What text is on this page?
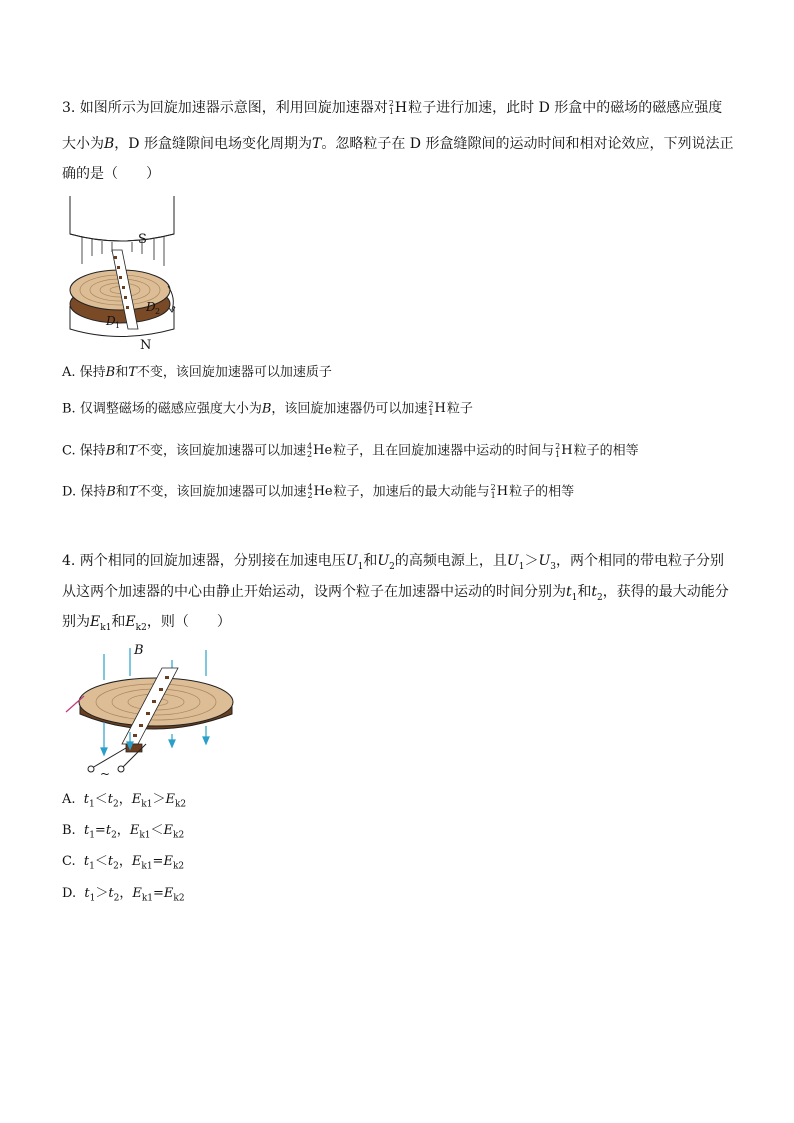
3. 如图所示为回旋加速器示意图，利用回旋加速器对 2
1 H 粒子进行加速，此时 D 形盒中的磁场的磁感应强度
大小为B，D 形盒缝隙间电场变化周期为T。忽略粒子在 D 形盒缝隙间的运动时间和相对论效应，下列说法正
确的是（　　）
S
N
D 1
D 2
A. 保持B和T不变，该回旋加速器可以加速质子
B. 仅调整磁场的磁感应强度大小为B，该回旋加速器仍可以加速 2
1 H 粒子
C. 保持B和T不变，该回旋加速器可以加速 4
2 He 粒子，且在回旋加速器中运动的时间与 2
1 H 粒子的相等
D. 保持B和T不变，该回旋加速器可以加速 4
2 He 粒子，加速后的最大动能与 2
1 H 粒子的相等
4. 两个相同的回旋加速器，分别接在加速电压$U_1$和$U_2$的高频电源上，且$U_1>U_3$，两个相同的带电粒子分别
从这两个加速器的中心由静止开始运动，设两个粒子在加速器中运动的时间分别为$t_1$和$t_2$，获得的最大动能分
别为$E_{k1}$和$E_{k2}$，则（　　）
~
B
A. $t_1<t_2$，$E_{k1}>E_{k2}$
B. $t_1=t_2$，$E_{k1}<E_{k2}$
C. $t_1<t_2$，$E_{k1}=E_{k2}$
D. $t_1>t_2$，$E_{k1}=E_{k2}$
